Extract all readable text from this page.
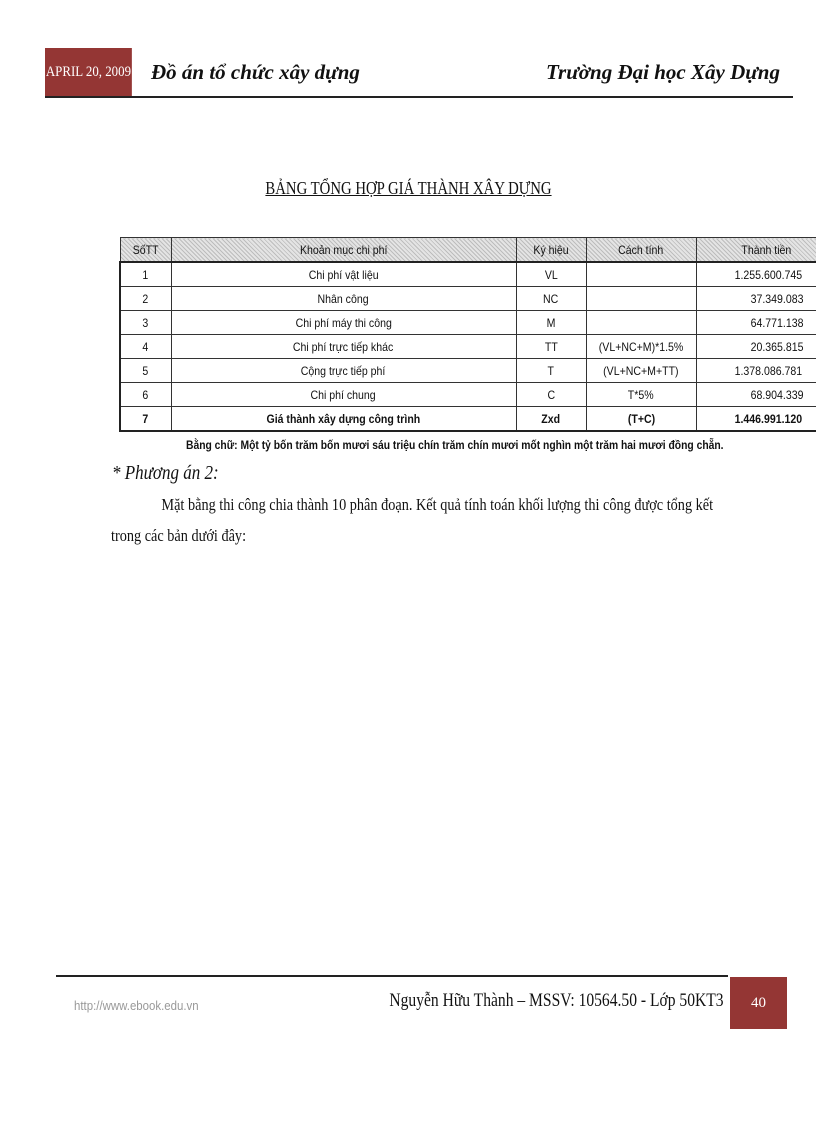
APRIL 20, 2009 Đồ án tổ chức xây dựng	Trường Đại học Xây Dựng
BẢNG TỔNG HỢP GIÁ THÀNH XÂY DỰNG
SốTT	Khoản mục chi phí	Ký hiệu	Cách tính	Thành tiền
1	Chi phí vật liệu	VL		1.255.600.745
2	Nhân công	NC		37.349.083
3	Chi phí máy thi công	M		64.771.138
4	Chi phí trực tiếp khác	TT	(VL+NC+M)*1.5%	20.365.815
5	Cộng trực tiếp phí	T	(VL+NC+M+TT)	1.378.086.781
6	Chi phí chung	C	T*5%	68.904.339
7	Giá thành xây dựng công trình	Zxd	(T+C)	1.446.991.120
Bằng chữ: Một tỷ bốn trăm bốn mươi sáu triệu chín trăm chín mươi mốt nghìn một trăm hai mươi đồng chẵn.
* Phương án 2:
Mặt bằng thi công chia thành 10 phân đoạn. Kết quả tính toán khối lượng thi công được tổng kết
trong các bản dưới đây:
http://www.ebook.edu.vn	Nguyễn Hữu Thành – MSSV: 10564.50 - Lớp 50KT3	40
